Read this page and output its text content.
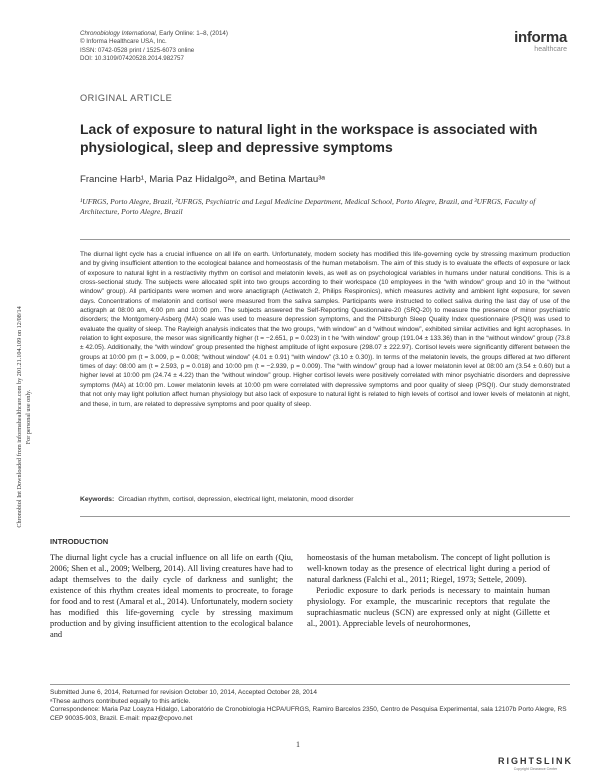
Chronobiology International, Early Online: 1–8, (2014)
© Informa Healthcare USA, Inc.
ISSN: 0742-0528 print / 1525-6073 online
DOI: 10.3109/07420528.2014.982757
informa
healthcare
ORIGINAL ARTICLE
Lack of exposure to natural light in the workspace is associated with physiological, sleep and depressive symptoms
Francine Harb¹, Maria Paz Hidalgo²ᵃ, and Betina Martau³ᵃ
¹UFRGS, Porto Alegre, Brazil, ²UFRGS, Psychiatric and Legal Medicine Department, Medical School, Porto Alegre, Brazil, and ³UFRGS, Faculty of Architecture, Porto Alegre, Brazil
The diurnal light cycle has a crucial influence on all life on earth. Unfortunately, modern society has modified this life-governing cycle by stressing maximum production and by giving insufficient attention to the ecological balance and homeostasis of the human metabolism. The aim of this study is to evaluate the effects of exposure or lack of exposure to natural light in a rest/activity rhythm on cortisol and melatonin levels, as well as on psychological variables in humans under natural conditions. This is a cross-sectional study. The subjects were allocated split into two groups according to their workspace (10 employees in the “with window” group and 10 in the “without window” group). All participants were women and wore anactigraph (Actiwatch 2, Philips Respironics), which measures activity and ambient light exposure, for seven days. Concentrations of melatonin and cortisol were measured from the saliva samples. Participants were instructed to collect saliva during the last day of use of the actigraph at 08:00 am, 4:00 pm and 10:00 pm. The subjects answered the Self-Reporting Questionnaire-20 (SRQ-20) to measure the presence of minor psychiatric disorders; the Montgomery-Asberg (MA) scale was used to measure depression symptoms, and the Pittsburgh Sleep Quality Index questionnaire (PSQI) was used to evaluate the quality of sleep. The Rayleigh analysis indicates that the two groups, “with window” an d “without window”, exhibited similar activities and light acrophases. In relation to light exposure, the mesor was significantly higher (t = −2.651, p = 0.023) in t he “with window” group (191.04 ± 133.36) than in the “without window” group (73.8 ± 42.05). Additionally, the “with window” group presented the highest amplitude of light exposure (298.07 ± 222.97). Cortisol levels were significantly different between the groups at 10:00 pm (t = 3.009, p = 0.008; “without window” (4.01 ± 0.91) “with window” (3.10 ± 0.30)). In terms of the melatonin levels, the groups differed at two different times of day: 08:00 am (t = 2.593, p = 0.018) and 10:00 pm (t = −2.939, p = 0.009). The “with window” group had a lower melatonin level at 08:00 am (3.54 ± 0.60) but a higher level at 10:00 pm (24.74 ± 4.22) than the “without window” group. Higher cortisol levels were positively correlated with minor psychiatric disorders and depressive symptoms (MA) at 10:00 pm. Lower melatonin levels at 10:00 pm were correlated with depressive symptoms and poor quality of sleep (PSQI). Our study demonstrated that not only may light pollution affect human physiology but also lack of exposure to natural light is related to high levels of cortisol and lower levels of melatonin at night, and these, in turn, are related to depressive symptoms and poor quality of sleep.
Keywords: Circadian rhythm, cortisol, depression, electrical light, melatonin, mood disorder
INTRODUCTION

The diurnal light cycle has a crucial influence on all life on earth (Qiu, 2006; Shen et al., 2009; Welberg, 2014). All living creatures have had to adapt themselves to the daily cycle of darkness and sunlight; the existence of this rhythm creates ideal moments to procreate, to forage for food and to rest (Amaral et al., 2014). Unfortunately, modern society has modified this life-governing cycle by stressing maximum production and by giving insufficient attention to the ecological balance and

homeostasis of the human metabolism. The concept of light pollution is well-known today as the presence of electrical light during a period of natural darkness (Falchi et al., 2011; Riegel, 1973; Settele, 2009).

Periodic exposure to dark periods is necessary to maintain human physiology. For example, the muscarinic receptors that regulate the suprachiasmatic nucleus (SCN) are expressed only at night (Gillette et al., 2001). Appreciable levels of neurohormones,

Submitted June 6, 2014, Returned for revision October 10, 2014, Accepted October 28, 2014

ᵃThese authors contributed equally to this article.

Correspondence: Maria Paz Loayza Hidalgo, Laboratório de Cronobiologia HCPA/UFRGS, Ramiro Barcelos 2350, Centro de Pesquisa Experimental, sala 12107b Porto Alegre, RS CEP 90035-903, Brazil. E-mail: mpaz@cpovo.net

1
Chronobiol Int Downloaded from informahealthcare.com by 201.21.104.109 on 12/08/14 For personal use only.
RIGHTSLINK
Copyright Clearance Center
